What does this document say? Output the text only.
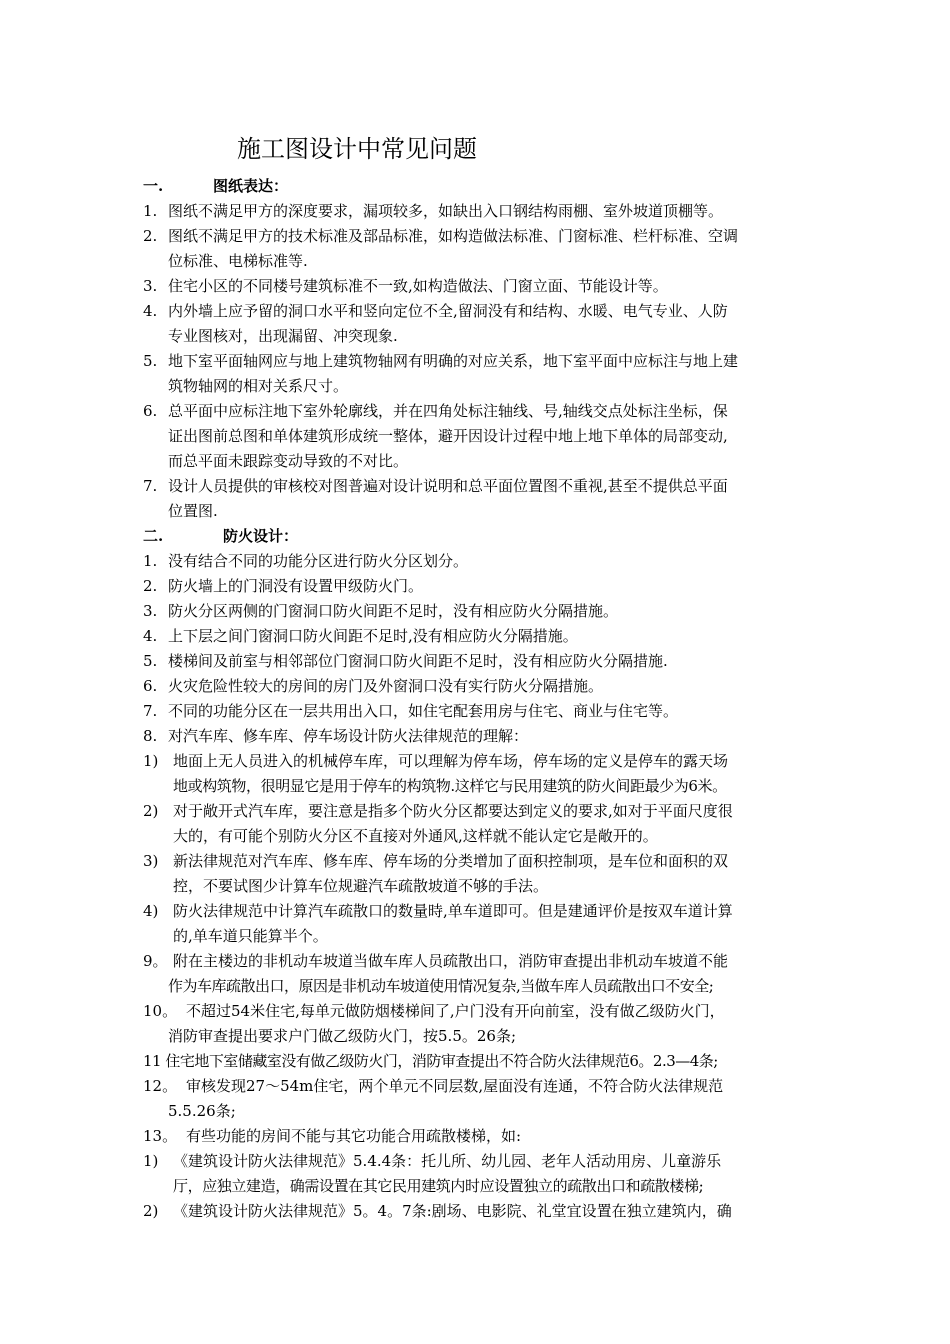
施工图设计中常见问题
一.	图纸表达：
1. 图纸不满足甲方的深度要求，漏项较多，如缺出入口钢结构雨棚、室外坡道顶棚等。
2. 图纸不满足甲方的技术标准及部品标准，如构造做法标准、门窗标准、栏杆标准、空调
位标准、电梯标准等.
3. 住宅小区的不同楼号建筑标准不一致,如构造做法、门窗立面、节能设计等。
4. 内外墙上应予留的洞口水平和竖向定位不全,留洞没有和结构、水暖、电气专业、人防
专业图核对，出现漏留、冲突现象.
5. 地下室平面轴网应与地上建筑物轴网有明确的对应关系，地下室平面中应标注与地上建
筑物轴网的相对关系尺寸。
6. 总平面中应标注地下室外轮廓线，并在四角处标注轴线、号,轴线交点处标注坐标，保
证出图前总图和单体建筑形成统一整体，避开因设计过程中地上地下单体的局部变动,
而总平面未跟踪变动导致的不对比。
7. 设计人员提供的审核校对图普遍对设计说明和总平面位置图不重视,甚至不提供总平面
位置图.
二.	防火设计：
1. 没有结合不同的功能分区进行防火分区划分。
2. 防火墙上的门洞没有设置甲级防火门。
3. 防火分区两侧的门窗洞口防火间距不足时，没有相应防火分隔措施。
4. 上下层之间门窗洞口防火间距不足时,没有相应防火分隔措施。
5. 楼梯间及前室与相邻部位门窗洞口防火间距不足时，没有相应防火分隔措施.
6. 火灾危险性较大的房间的房门及外窗洞口没有实行防火分隔措施。
7. 不同的功能分区在一层共用出入口，如住宅配套用房与住宅、商业与住宅等。
8. 对汽车库、修车库、停车场设计防火法律规范的理解：
1) 地面上无人员进入的机械停车库，可以理解为停车场，停车场的定义是停车的露天场
地或构筑物，很明显它是用于停车的构筑物.这样它与民用建筑的防火间距最少为6米。
2) 对于敞开式汽车库，要注意是指多个防火分区都要达到定义的要求,如对于平面尺度很
大的，有可能个别防火分区不直接对外通风,这样就不能认定它是敞开的。
3) 新法律规范对汽车库、修车库、停车场的分类增加了面积控制项，是车位和面积的双
控，不要试图少计算车位规避汽车疏散坡道不够的手法。
4) 防火法律规范中计算汽车疏散口的数量時,单车道即可。但是建通评价是按双车道计算
的,单车道只能算半个。
9。 附在主楼边的非机动车坡道当做车库人员疏散出口，消防审查提出非机动车坡道不能
作为车库疏散出口，原因是非机动车坡道使用情况复杂,当做车库人员疏散出口不安全;
10。 不超过54米住宅,每单元做防烟楼梯间了,户门没有开向前室，没有做乙级防火门，
消防审查提出要求户门做乙级防火门，按5.5。26条;
11 住宅地下室储藏室没有做乙级防火门，消防审查提出不符合防火法律规范6。2.3—4条;
12。 审核发现27～54m住宅，两个单元不同层数,屋面没有连通，不符合防火法律规范
5.5.26条;
13。 有些功能的房间不能与其它功能合用疏散楼梯，如:
1) 《建筑设计防火法律规范》5.4.4条：托儿所、幼儿园、老年人活动用房、儿童游乐
厅，应独立建造，确需设置在其它民用建筑内时应设置独立的疏散出口和疏散楼梯;
2) 《建筑设计防火法律规范》5。4。7条:剧场、电影院、礼堂宜设置在独立建筑内，确
